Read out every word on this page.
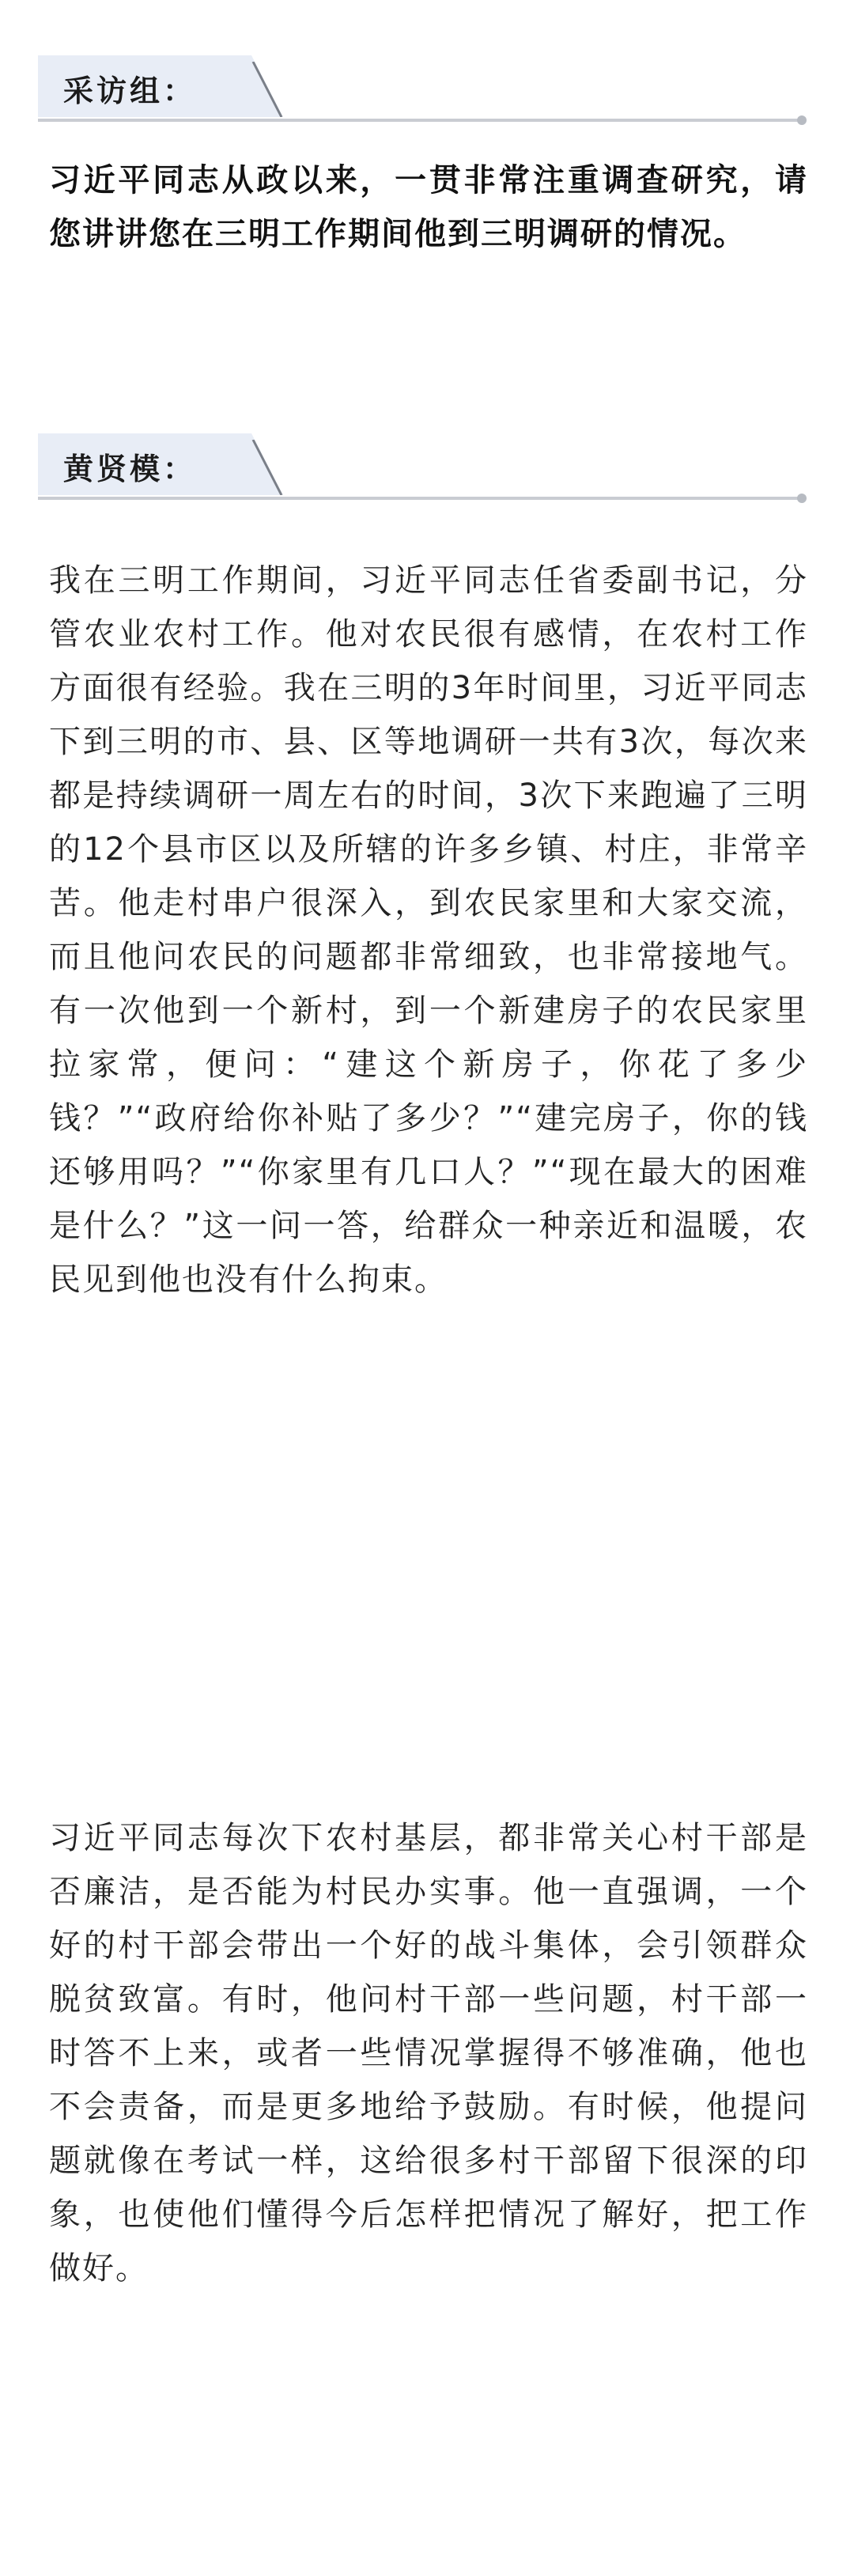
采访组：

习近平同志从政以来，一贯非常注重调查研究，请您讲讲您在三明工作期间他到三明调研的情况。

黄贤模：

我在三明工作期间，习近平同志任省委副书记，分管农业农村工作。他对农民很有感情，在农村工作方面很有经验。我在三明的3年时间里，习近平同志下到三明的市、县、区等地调研一共有3次，每次来都是持续调研一周左右的时间，3次下来跑遍了三明的12个县市区以及所辖的许多乡镇、村庄，非常辛苦。他走村串户很深入，到农民家里和大家交流，而且他问农民的问题都非常细致，也非常接地气。有一次他到一个新村，到一个新建房子的农民家里拉家常，便问：“建这个新房子，你花了多少钱？”“政府给你补贴了多少？”“建完房子，你的钱还够用吗？”“你家里有几口人？”“现在最大的困难是什么？”这一问一答，给群众一种亲近和温暖，农民见到他也没有什么拘束。

习近平同志每次下农村基层，都非常关心村干部是否廉洁，是否能为村民办实事。他一直强调，一个好的村干部会带出一个好的战斗集体，会引领群众脱贫致富。有时，他问村干部一些问题，村干部一时答不上来，或者一些情况掌握得不够准确，他也不会责备，而是更多地给予鼓励。有时候，他提问题就像在考试一样，这给很多村干部留下很深的印象，也使他们懂得今后怎样把情况了解好，把工作做好。
